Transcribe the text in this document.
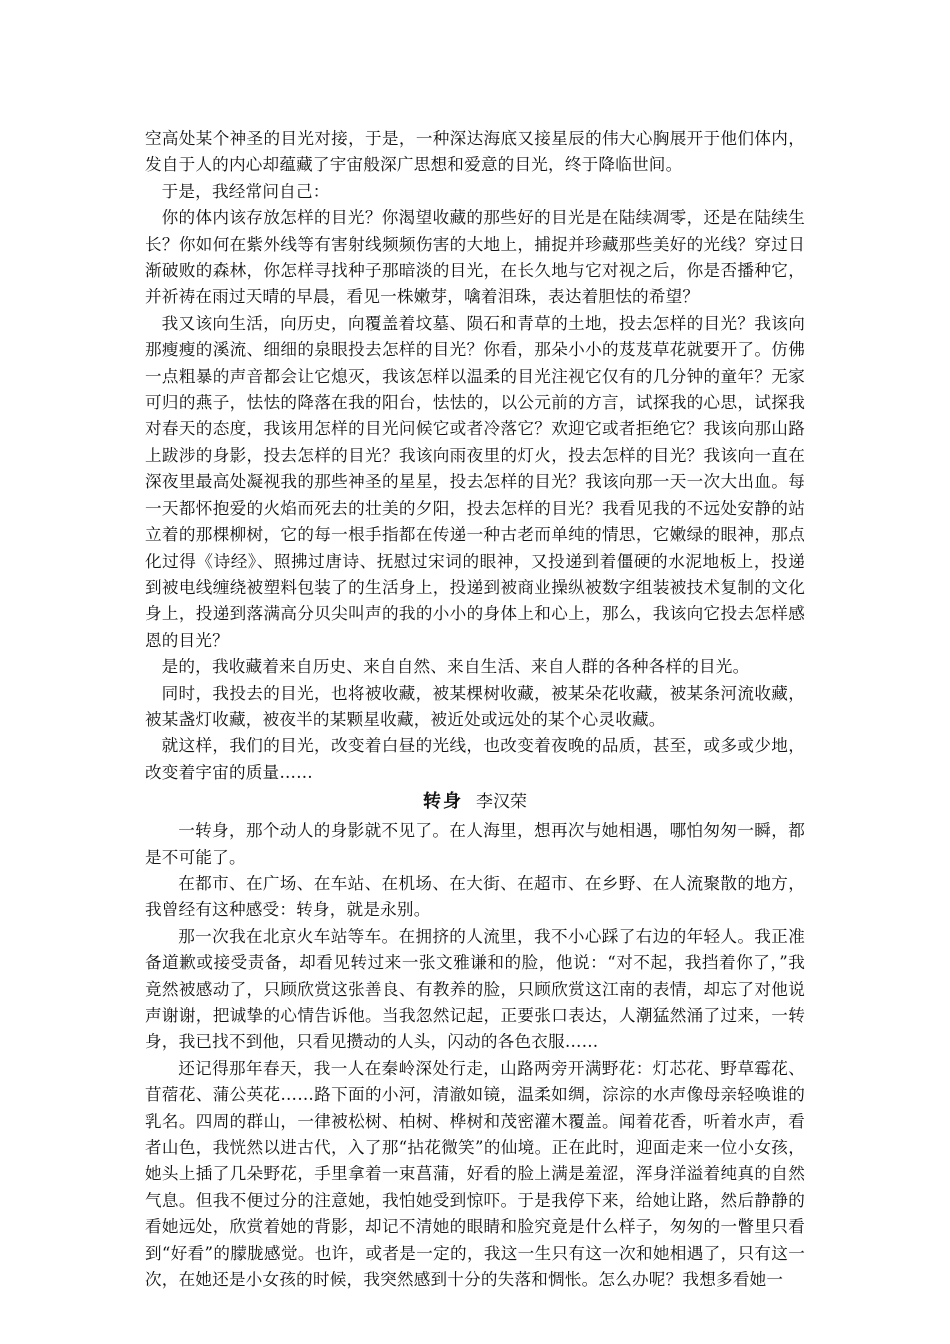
空高处某个神圣的目光对接，于是，一种深达海底又接星辰的伟大心胸展开于他们体内，发自于人的内心却蕴藏了宇宙般深广思想和爱意的目光，终于降临世间。

于是，我经常问自己：

你的体内该存放怎样的目光？你渴望收藏的那些好的目光是在陆续凋零，还是在陆续生长？你如何在紫外线等有害射线频频伤害的大地上，捕捉并珍藏那些美好的光线？穿过日渐破败的森林，你怎样寻找种子那暗淡的目光，在长久地与它对视之后，你是否播种它，并祈祷在雨过天晴的早晨，看见一株嫩芽，噙着泪珠，表达着胆怯的希望？

我又该向生活，向历史，向覆盖着坟墓、陨石和青草的土地，投去怎样的目光？我该向那瘦瘦的溪流、细细的泉眼投去怎样的目光？你看，那朵小小的芨芨草花就要开了。仿佛一点粗暴的声音都会让它熄灭，我该怎样以温柔的目光注视它仅有的几分钟的童年？无家可归的燕子，怯怯的降落在我的阳台，怯怯的，以公元前的方言，试探我的心思，试探我对春天的态度，我该用怎样的目光问候它或者冷落它？欢迎它或者拒绝它？我该向那山路上跋涉的身影，投去怎样的目光？我该向雨夜里的灯火，投去怎样的目光？我该向一直在深夜里最高处凝视我的那些神圣的星星，投去怎样的目光？我该向那一天一次大出血。每一天都怀抱爱的火焰而死去的壮美的夕阳，投去怎样的目光？我看见我的不远处安静的站立着的那棵柳树，它的每一根手指都在传递一种古老而单纯的情思，它嫩绿的眼神，那点化过得《诗经》、照拂过唐诗、抚慰过宋词的眼神，又投递到着僵硬的水泥地板上，投递到被电线缠绕被塑料包装了的生活身上，投递到被商业操纵被数字组装被技术复制的文化身上，投递到落满高分贝尖叫声的我的小小的身体上和心上，那么，我该向它投去怎样感恩的目光？

是的，我收藏着来自历史、来自自然、来自生活、来自人群的各种各样的目光。

同时，我投去的目光，也将被收藏，被某棵树收藏，被某朵花收藏，被某条河流收藏，被某盏灯收藏，被夜半的某颗星收藏，被近处或远处的某个心灵收藏。

就这样，我们的目光，改变着白昼的光线，也改变着夜晚的品质，甚至，或多或少地，改变着宇宙的质量……

转身 李汉荣

一转身，那个动人的身影就不见了。在人海里，想再次与她相遇，哪怕匆匆一瞬，都是不可能了。

在都市、在广场、在车站、在机场、在大街、在超市、在乡野、在人流聚散的地方，我曾经有这种感受：转身，就是永别。

那一次我在北京火车站等车。在拥挤的人流里，我不小心踩了右边的年轻人。我正准备道歉或接受责备，却看见转过来一张文雅谦和的脸，他说：“对不起，我挡着你了，”我竟然被感动了，只顾欣赏这张善良、有教养的脸，只顾欣赏这江南的表情，却忘了对他说声谢谢，把诚挚的心情告诉他。当我忽然记起，正要张口表达，人潮猛然涌了过来，一转身，我已找不到他，只看见攒动的人头，闪动的各色衣服……

还记得那年春天，我一人在秦岭深处行走，山路两旁开满野花：灯芯花、野草霉花、苜蓿花、蒲公英花……路下面的小河，清澈如镜，温柔如绸，淙淙的水声像母亲轻唤谁的乳名。四周的群山，一律被松树、柏树、桦树和茂密灌木覆盖。闻着花香，听着水声，看者山色，我恍然以进古代，入了那“拈花微笑”的仙境。正在此时，迎面走来一位小女孩，她头上插了几朵野花，手里拿着一束菖蒲，好看的脸上满是羞涩，浑身洋溢着纯真的自然气息。但我不便过分的注意她，我怕她受到惊吓。于是我停下来，给她让路，然后静静的看她远处，欣赏着她的背影，却记不清她的眼睛和脸究竟是什么样子，匆匆的一瞥里只看到“好看”的朦胧感觉。也许，或者是一定的，我这一生只有这一次和她相遇了，只有这一次，在她还是小女孩的时候，我突然感到十分的失落和惆怅。怎么办呢？我想多看她一
